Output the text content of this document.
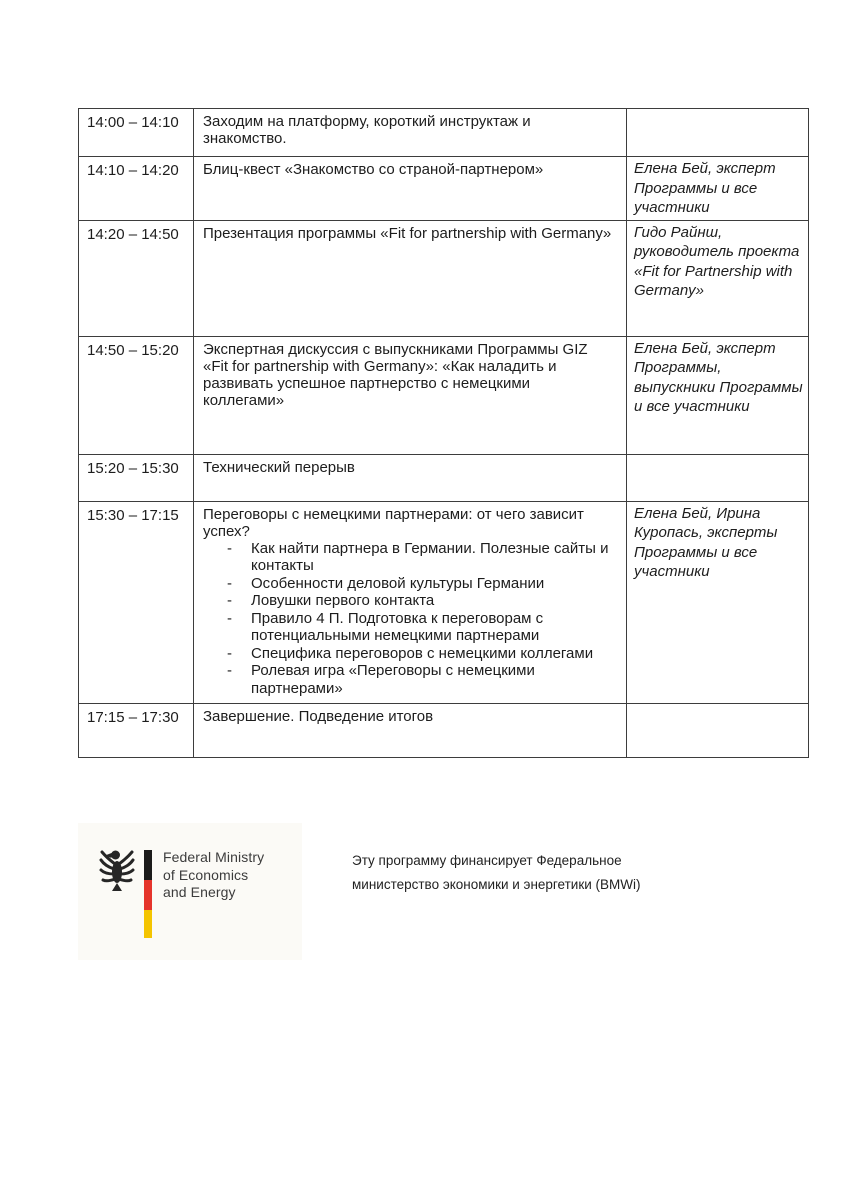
14:00 – 14:10	Заходим на платформу, короткий инструктаж и знакомство.	
14:10 – 14:20	Блиц-квест «Знакомство со страной-партнером»	Елена Бей, эксперт Программы и все участники
14:20 – 14:50	Презентация программы «Fit for partnership with Germany»	Гидо Райнш, руководитель проекта «Fit for Partnership with Germany»
14:50 – 15:20	Экспертная дискуссия с выпускниками Программы GIZ «Fit for partnership with Germany»: «Как наладить и развивать успешное партнерство с немецкими коллегами»	Елена Бей, эксперт Программы, выпускники Программы и все участники
15:20 – 15:30	Технический перерыв	
15:30 – 17:15	Переговоры с немецкими партнерами: от чего зависит успех?
- Как найти партнера в Германии. Полезные сайты и контакты
- Особенности деловой культуры Германии
- Ловушки первого контакта
- Правило 4 П. Подготовка к переговорам с потенциальными немецкими партнерами
- Специфика переговоров с немецкими коллегами
- Ролевая игра «Переговоры с немецкими партнерами»
	Елена Бей, Ирина Куропась, эксперты Программы и все участники
17:15 – 17:30	Завершение. Подведение итогов	
Federal Ministry
of Economics
and Energy
Эту программу финансирует Федеральное министерство экономики и энергетики (BMWi)
